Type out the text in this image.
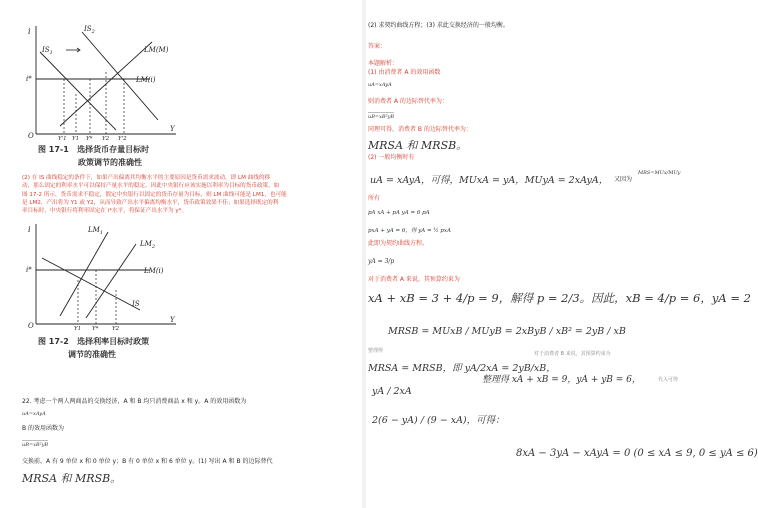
i	$IS_2$
$IS_1$	LM(M)
LM(i)
i*
O	Y'1 Y1 Y* Y2 Y'2
Y
图 17-1 选择货币存量目标时
政策调节的准确性
(2) 在 IS 曲线稳定的条件下，如果产出偏离其均衡水平的主要原因是货币需求波动，即 LM 曲线的移
动，那么固定的利率水平可以保持产量水平的稳定。因此中央银行应该实施以利率为目标的货币政策。如
图 17-2 所示，货币需求不稳定，假定中央银行以固定的货币存量为目标，则 LM 曲线可能是 LM1，也可能
是 LM2，产出将为 Y1 或 Y2，从而导致产出水平偏离均衡水平，货币政策效果不佳；如果选择既定的利
率目标时，中央银行将利率固定在 i*水平，将保证产出水平为 y*。
i	$LM_1$
$LM_2$
LM(i)
i*
IS
O	Y1 Y* Y2
Y
图 17-2 选择利率目标时政策
调节的准确性
22. 考虑一个两人两商品的交换经济，A 和 B 均只消费商品 x 和 y。A 的效用函数为
uA=xAyA
B 的效用函数为
uB=xB²yB
交换前，A 有 9 单位 x 和 0 单位 y；B 有 0 单位 x 和 6 单位 y。(1) 写出 A 和 B 的边际替代
MRSA 和 MRSB。
(2) 求契约曲线方程；(3) 求此交换经济的一般均衡。
答案：
本题解析：
(1) 由消费者 A 的效用函数
uA=xAyA
则消费者 A 的边际替代率为：
uB=xB²yB
同理可得，消费者 B 的边际替代率为：
MRSA 和 MRSB。
(2) 一般均衡时有
uA = xAyA，可得，MUxA = yA，MUyA = 2xAyA， 又因为
MRS=MUx/MUy
所有
pA xA + pA yA = 6 pA
pxA + yA = 6，得 yA = ½ pxA
此即为契约曲线方程。
yA = 3/p
对于消费者 A 来说，其预算约束为
xA + xB = 3 + 4/p = 9，解得 p = 2/3。因此，xB = 4/p = 6，yA = 2
MRSB = MUxB / MUyB = 2xByB / xB² = 2yB / xB
整理得
MRSA = MRSB，即 yA/2xA = 2yB/xB，
对于消费者 B 来说，其预算约束为
整理得 xA + xB = 9，yA + yB = 6，	代入可得
yA / 2xA
2(6 − yA) / (9 − xA)，可得：
8xA − 3yA − xAyA = 0 (0 ≤ xA ≤ 9, 0 ≤ yA ≤ 6)
